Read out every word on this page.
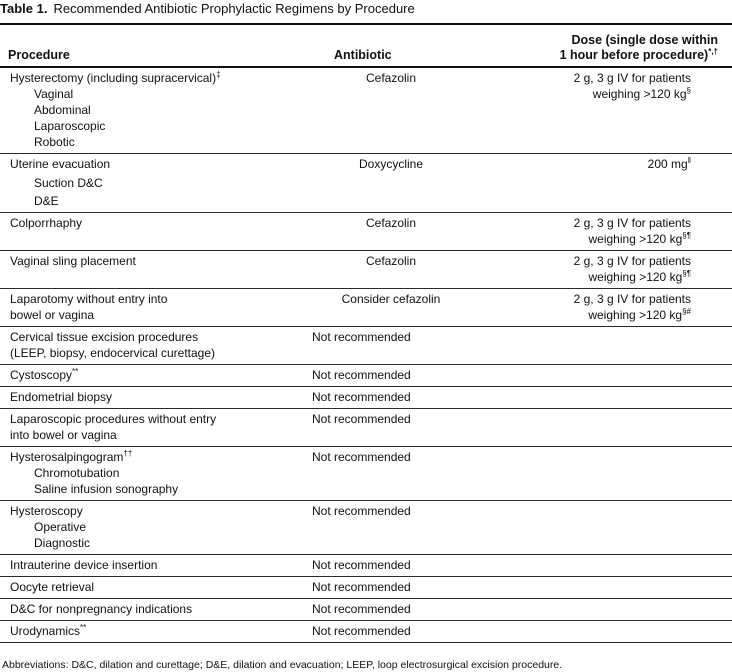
Table 1. Recommended Antibiotic Prophylactic Regimens by Procedure
Procedure	Antibiotic	Dose (single dose within
1 hour before procedure)*,†
Hysterectomy (including supracervical)‡
Vaginal
Abdominal
Laparoscopic
Robotic	Cefazolin	2 g, 3 g IV for patients
weighing >120 kg§
Uterine evacuation
Suction D&C
D&E	Doxycycline	200 mg‖
Colporrhaphy	Cefazolin	2 g, 3 g IV for patients
weighing >120 kg§¶
Vaginal sling placement	Cefazolin	2 g, 3 g IV for patients
weighing >120 kg§¶
Laparotomy without entry into
bowel or vagina	Consider cefazolin	2 g, 3 g IV for patients
weighing >120 kg§#
Cervical tissue excision procedures
(LEEP, biopsy, endocervical curettage)	Not recommended	
Cystoscopy**	Not recommended	
Endometrial biopsy	Not recommended	
Laparoscopic procedures without entry
into bowel or vagina	Not recommended	
Hysterosalpingogram††
Chromotubation
Saline infusion sonography	Not recommended	
Hysteroscopy
Operative
Diagnostic	Not recommended	
Intrauterine device insertion	Not recommended	
Oocyte retrieval	Not recommended	
D&C for nonpregnancy indications	Not recommended	
Urodynamics**	Not recommended	
Abbreviations: D&C, dilation and curettage; D&E, dilation and evacuation; LEEP, loop electrosurgical excision procedure.
